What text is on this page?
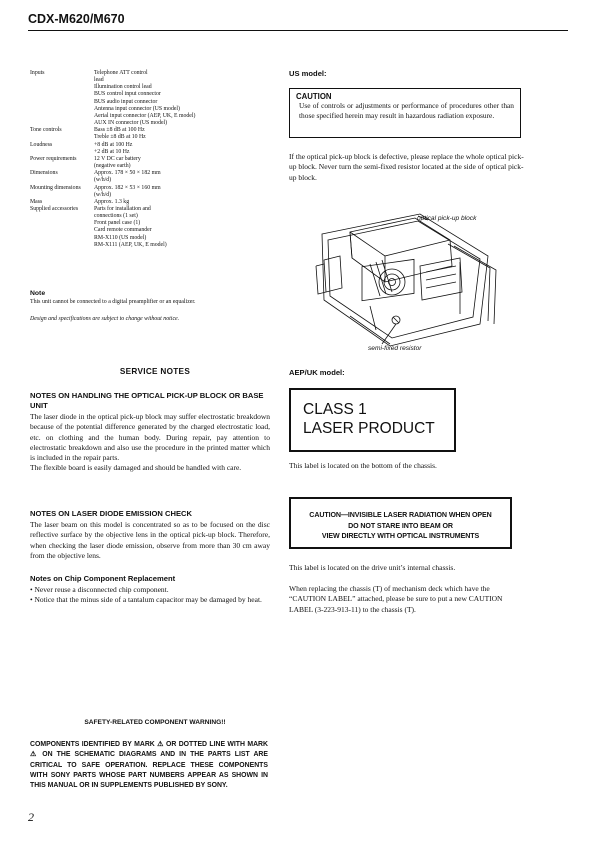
CDX-M620/M670
Inputs	Telephone ATT control
lead
Illumination control lead
BUS control input connector
BUS audio input connector
Antenna input connector (US model)
Aerial input connector (AEP, UK, E model)
AUX IN connector (US model)
Tone controls	Bass ±8 dB at 100 Hz
Treble ±8 dB at 10 Hz
Loudness	+8 dB at 100 Hz
+2 dB at 10 Hz
Power requirements	12 V DC car battery
(negative earth)
Dimensions	Approx. 178 × 50 × 182 mm
(w/h/d)
Mounting dimensions	Approx. 182 × 53 × 160 mm
(w/h/d)
Mass	Approx. 1.3 kg
Supplied accessories	Parts for installation and
connections (1 set)
Front panel case (1)
Card remote commander
RM-X110 (US model)
RM-X111 (AEP, UK, E model)
Note
This unit cannot be connected to a digital preamplifier or an equalizer.
Design and specifications are subject to change without notice.
SERVICE NOTES
NOTES ON HANDLING THE OPTICAL PICK-UP BLOCK OR BASE UNIT

The laser diode in the optical pick-up block may suffer electrostatic breakdown because of the potential difference generated by the charged electrostatic load, etc. on clothing and the human body. During repair, pay attention to electrostatic breakdown and also use the procedure in the printed matter which is included in the repair parts.

The flexible board is easily damaged and should be handled with care.

NOTES ON LASER DIODE EMISSION CHECK
The laser beam on this model is concentrated so as to be focused on the disc reflective surface by the objective lens in the optical pick-up block. Therefore, when checking the laser diode emission, observe from more than 30 cm away from the objective lens.
Notes on Chip Component Replacement
• Never reuse a disconnected chip component.
• Notice that the minus side of a tantalum capacitor may be damaged by heat.
SAFETY-RELATED COMPONENT WARNING!!
COMPONENTS IDENTIFIED BY MARK ⚠ OR DOTTED LINE WITH MARK ⚠ ON THE SCHEMATIC DIAGRAMS AND IN THE PARTS LIST ARE CRITICAL TO SAFE OPERATION. REPLACE THESE COMPONENTS WITH SONY PARTS WHOSE PART NUMBERS APPEAR AS SHOWN IN THIS MANUAL OR IN SUPPLEMENTS PUBLISHED BY SONY.
2
US model:
CAUTION
Use of controls or adjustments or performance of procedures other than those specified herein may result in hazardous radiation exposure.
If the optical pick-up block is defective, please replace the whole optical pick-up block. Never turn the semi-fixed resistor located at the side of optical pick-up block.
optical pick-up block
semi-fixed resistor
AEP/UK model:
CLASS 1
LASER PRODUCT
This label is located on the bottom of the chassis.
CAUTION—INVISIBLE LASER RADIATION WHEN OPEN
DO NOT STARE INTO BEAM OR
VIEW DIRECTLY WITH OPTICAL INSTRUMENTS
This label is located on the drive unit’s internal chassis.
When replacing the chassis (T) of mechanism deck which have the “CAUTION LABEL” attached, please be sure to put a new CAUTION LABEL (3-223-913-11) to the chassis (T).
